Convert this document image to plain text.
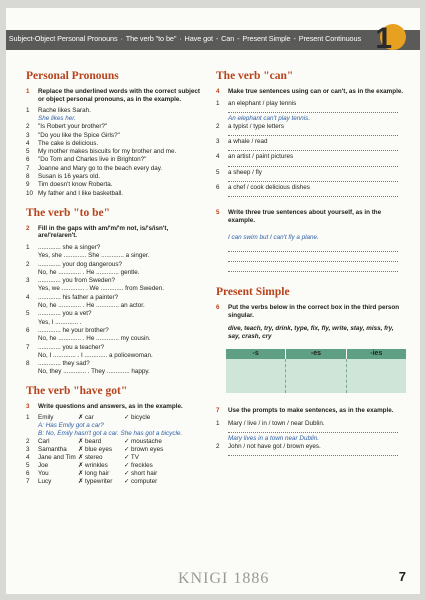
Subject-Object Personal Pronouns · The verb "to be" · Have got - Can - Present Simple - Present Continuous 1
Personal Pronouns
1	Replace the underlined words with the correct subject or object personal pronouns, as in the example.
1	Rache likes Sarah.
She likes her.
2	"Is Robert your brother?"
3	"Do you like the Spice Girls?"
4	The cake is delicious.
5	My mother makes biscuits for my brother and me.
6	"Do Tom and Charles live in Brighton?"
7	Joanne and Mary go to the beach every day.
8	Susan is 16 years old.
9	Tim doesn't know Roberta.
10 My father and I like basketball.
The verb "to be"
2	Fill in the gaps with am/'m/'m not, is/'s/isn't, are/'re/aren't.
1	............. she a singer?
Yes, she ............. She ............. a singer.
2	............. your dog dangerous?
No, he ............. . He ............. gentle.
3	............. you from Sweden?
Yes, we ............. . We ............. from Sweden.
4	............. his father a painter?
No, he ............. . He ............. an actor.
5	............. you a vet?
Yes, I ............. .
6	............. he your brother?
No, he ............. . He ............. my cousin.
7	............. you a teacher?
No, I ............. . I ............. a policewoman.
8	............. they sad?
No, they ............. . They ............. happy.
The verb "have got"
3	Write questions and answers, as in the example.
1	Emily	✗ car	✓ bicycle
A: Has Emily got a car?
B: No, Emily hasn't got a car. She has got a bicycle.
2	Carl	✗ beard	✓ moustache
3	Samantha	✗ blue eyes	✓ brown eyes
4	Jane and Tim ✗ stereo	✓ TV
5	Joe	✗ wrinkles	✓ freckles
6	You	✗ long hair	✓ short hair
7	Lucy	✗ typewriter	✓ computer
The verb "can"
4	Make true sentences using can or can't, as in the example.
1	an elephant / play tennis
An elephant can't play tennis.
2	a typist / type letters
3	a whale / read
4	an artist / paint pictures
5	a sheep / fly
6	a chef / cook delicious dishes
5	Write three true sentences about yourself, as in the example.
I can swim but I can't fly a plane.
Present Simple
6	Put the verbs below in the correct box in the third person singular.
dive, teach, try, drink, type, fix, fly, write, stay, miss, fry, say, crash, cry
-s	-es	-ies
7	Use the prompts to make sentences, as in the example.
1	Mary / live / in / town / near Dublin.
Mary lives in a town near Dublin.
2	John / not have got / brown eyes.
KNIGI 1886	7
